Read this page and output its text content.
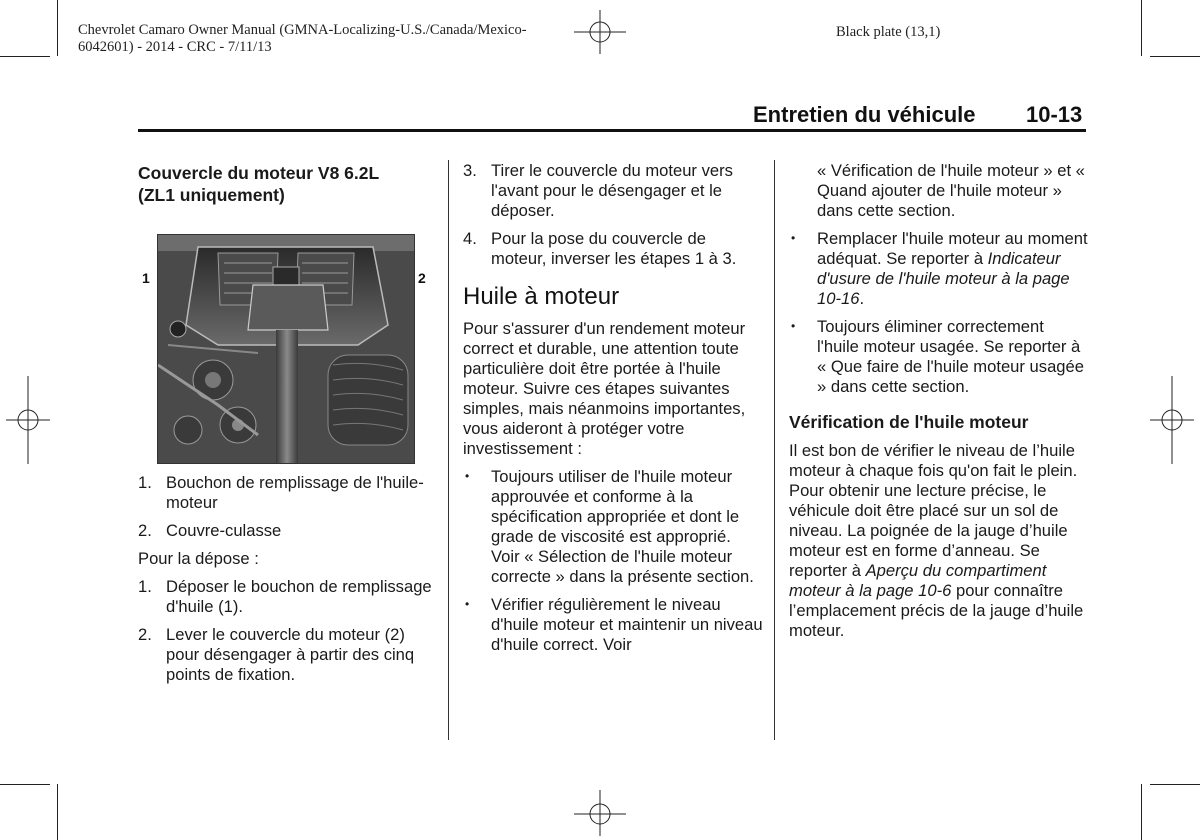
Chevrolet Camaro Owner Manual (GMNA-Localizing-U.S./Canada/Mexico-
6042601) - 2014 - CRC - 7/11/13
Black plate (13,1)
Entretien du véhicule 10-13
Couvercle du moteur V8 6.2L
(ZL1 uniquement)
1	2
1. Bouchon de remplissage de l'huile-moteur
2. Couvre-culasse

Pour la dépose :

1. Déposer le bouchon de remplissage d'huile (1).
2. Lever le couvercle du moteur (2) pour désengager à partir des cinq points de fixation.
3. Tirer le couvercle du moteur vers l'avant pour le désengager et le déposer.
4. Pour la pose du couvercle de moteur, inverser les étapes 1 à 3.
Huile à moteur

Pour s'assurer d'un rendement moteur correct et durable, une attention toute particulière doit être portée à l'huile moteur. Suivre ces étapes suivantes simples, mais néanmoins importantes, vous aideront à protéger votre investissement :

•	Toujours utiliser de l'huile moteur approuvée et conforme à la spécification appropriée et dont le grade de viscosité est approprié. Voir « Sélection de l'huile moteur correcte » dans la présente section.
•	Vérifier régulièrement le niveau d'huile moteur et maintenir un niveau d'huile correct. Voir
« Vérification de l'huile moteur » et « Quand ajouter de l'huile moteur » dans cette section.
•	Remplacer l'huile moteur au moment adéquat. Se reporter à Indicateur d'usure de l'huile moteur à la page 10-16.
•	Toujours éliminer correctement l'huile moteur usagée. Se reporter à « Que faire de l'huile moteur usagée » dans cette section.
Vérification de l'huile moteur

Il est bon de vérifier le niveau de l’huile moteur à chaque fois qu'on fait le plein. Pour obtenir une lecture précise, le véhicule doit être placé sur un sol de niveau. La poignée de la jauge d’huile moteur est en forme d’anneau. Se reporter à Aperçu du compartiment moteur à la page 10-6 pour connaître l’emplacement précis de la jauge d’huile moteur.
